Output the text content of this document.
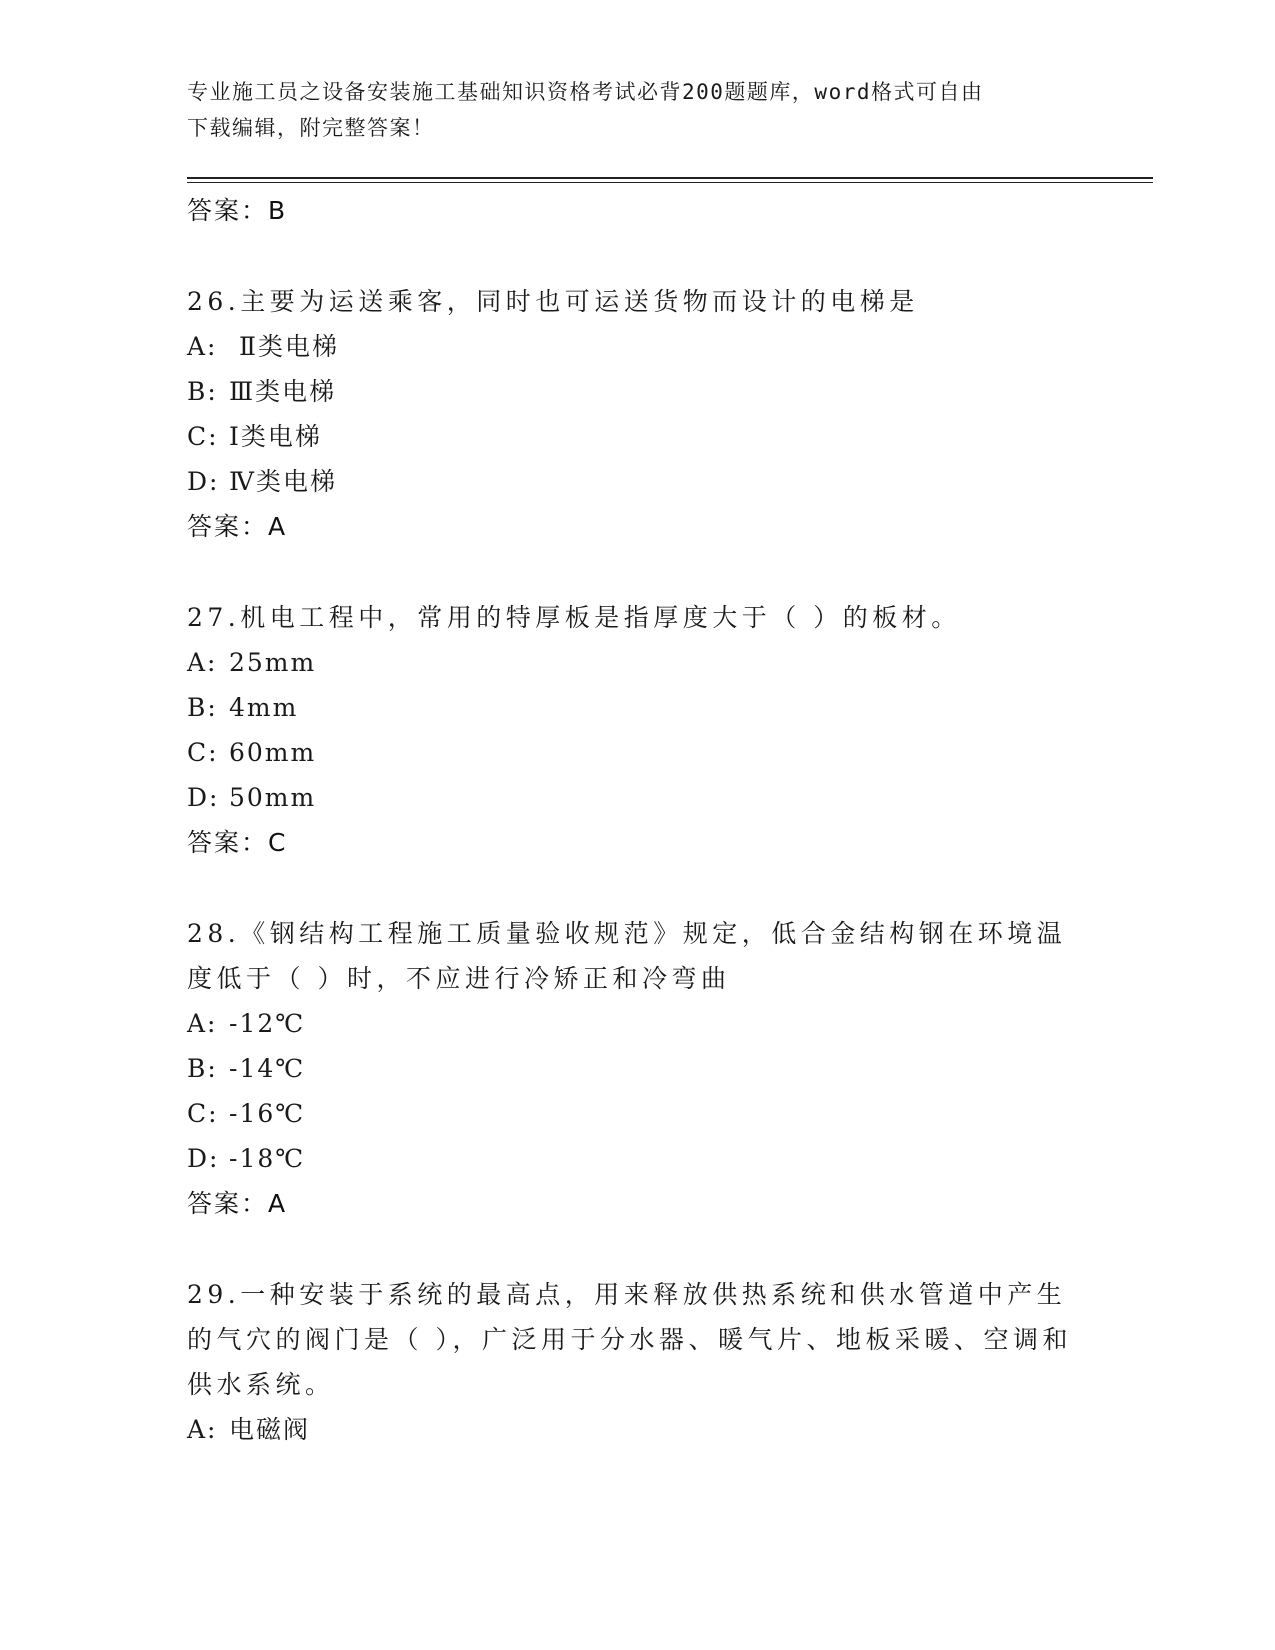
专业施工员之设备安装施工基础知识资格考试必背200题题库，word格式可自由
下载编辑，附完整答案！
答案：B
26.主要为运送乘客，同时也可运送货物而设计的电梯是
A: Ⅱ类电梯
B: Ⅲ类电梯
C: Ⅰ类电梯
D: Ⅳ类电梯
答案：A
27.机电工程中，常用的特厚板是指厚度大于（ ）的板材。
A: 25mm
B: 4mm
C: 60mm
D: 50mm
答案：C
28.《钢结构工程施工质量验收规范》规定，低合金结构钢在环境温度低于（ ）时，不应进行冷矫正和冷弯曲
A: -12℃
B: -14℃
C: -16℃
D: -18℃
答案：A
29.一种安装于系统的最高点，用来释放供热系统和供水管道中产生的气穴的阀门是（ ），广泛用于分水器、暖气片、地板采暖、空调和供水系统。
A: 电磁阀
